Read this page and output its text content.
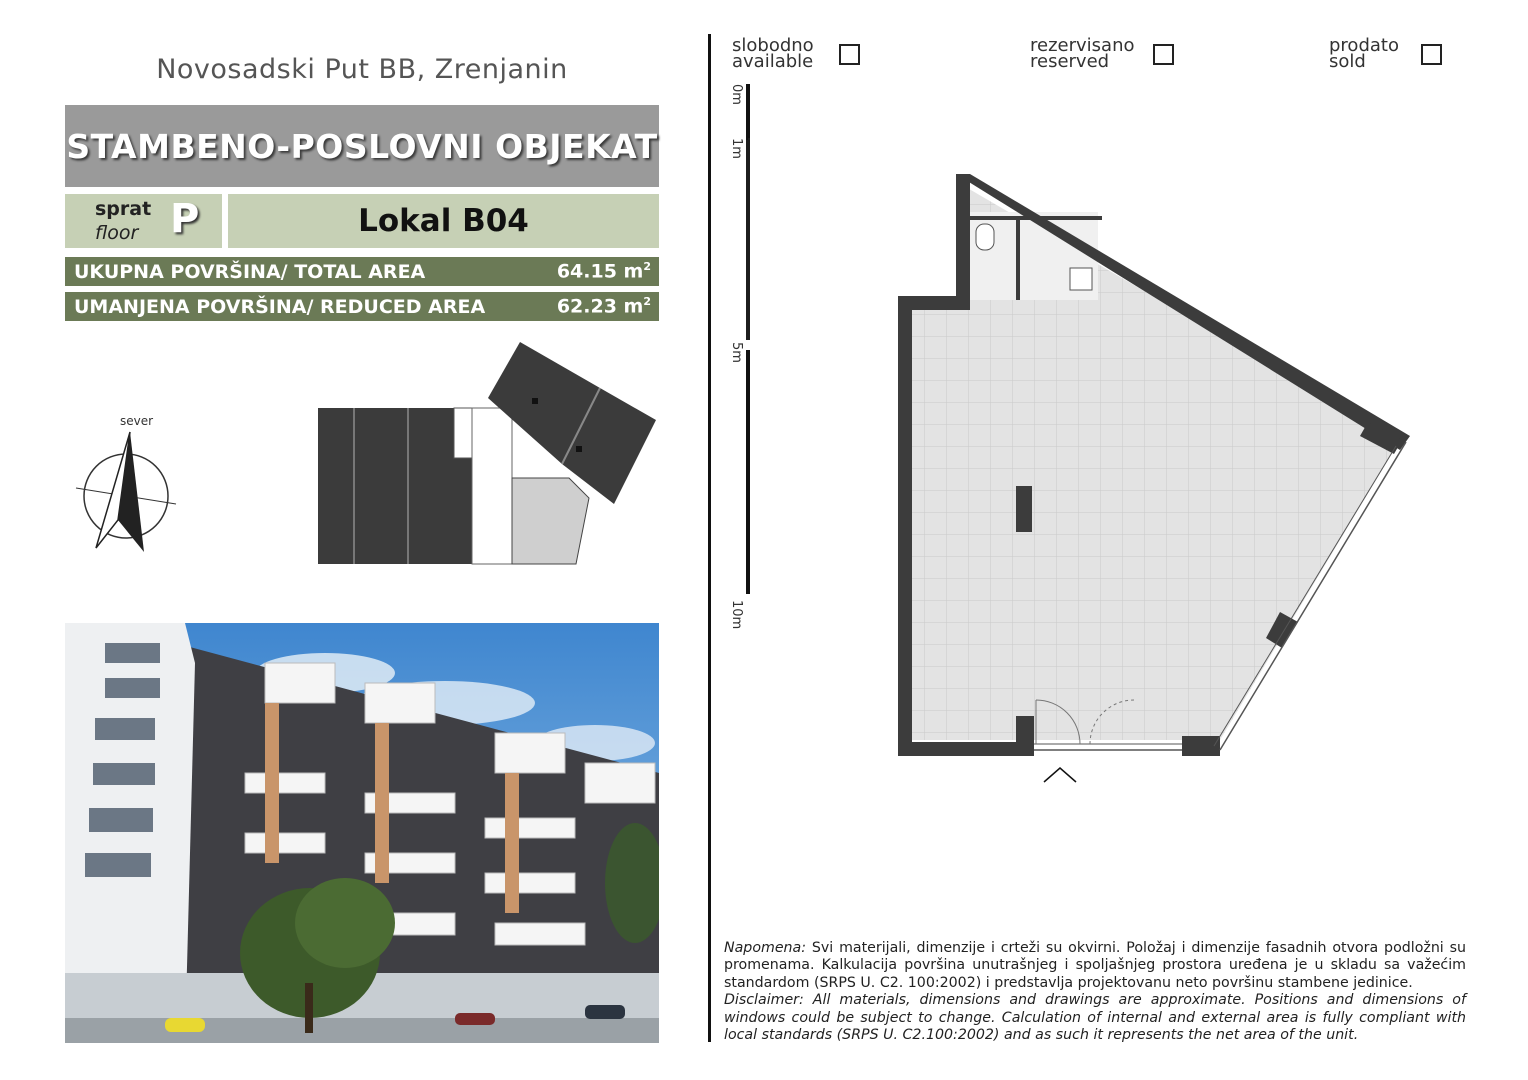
Novosadski Put BB, Zrenjanin
STAMBENO-POSLOVNI OBJEKAT
sprat
floor P	Lokal B04
UKUPNA POVRŠINA/ TOTAL AREA	64.15 $m^2$
UMANJENA POVRŠINA/ REDUCED AREA	62.23 $m^2$
sever
slobodno
available
rezervisano
reserved
prodato
sold
0m
1m
5m
10m
Napomena: Svi materijali, dimenzije i crteži su okvirni. Položaj i dimenzije fasadnih otvora podložni su promenama. Kalkulacija površina unutrašnjeg i spoljašnjeg prostora uređena je u skladu sa važećim standardom (SRPS U. C2. 100:2002) i predstavlja projektovanu neto površinu stambene jedinice.
Disclaimer: All materials, dimensions and drawings are approximate. Positions and dimensions of windows could be subject to change. Calculation of internal and external area is fully compliant with local standards (SRPS U. C2.100:2002) and as such it represents the net area of the unit.
